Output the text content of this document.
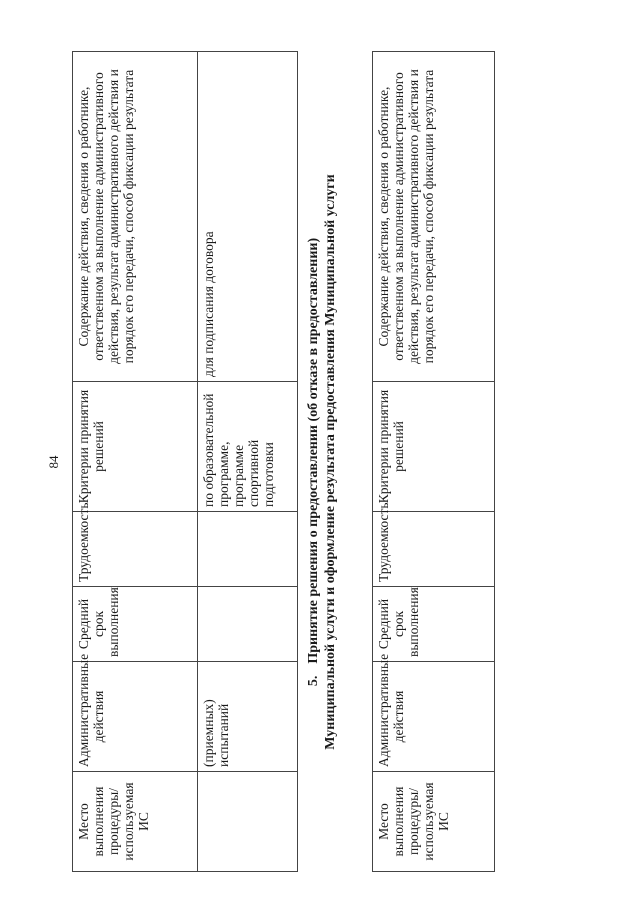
84
Место выполнения процедуры/используемая ИС	Административные действия	Средний срок выполнения	Трудоемкость	Критерии принятия решений	Содержание действия, сведения о работнике, ответственном за выполнение административного действия, результат административного действия и порядок его передачи, способ фиксации результата
	(приемных) испытаний			по образовательной программе, программе спортивной подготовки	для подписания договора
5.Принятие решения о предоставлении (об отказе в предоставлении) Муниципальной услуги и оформление результата предоставления Муниципальной услуги
Место выполнения процедуры/используемая ИС	Административные действия	Средний срок выполнения	Трудоемкость	Критерии принятия решений	Содержание действия, сведения о работнике, ответственном за выполнение административного действия, результат административного действия и порядок его передачи, способ фиксации результата
